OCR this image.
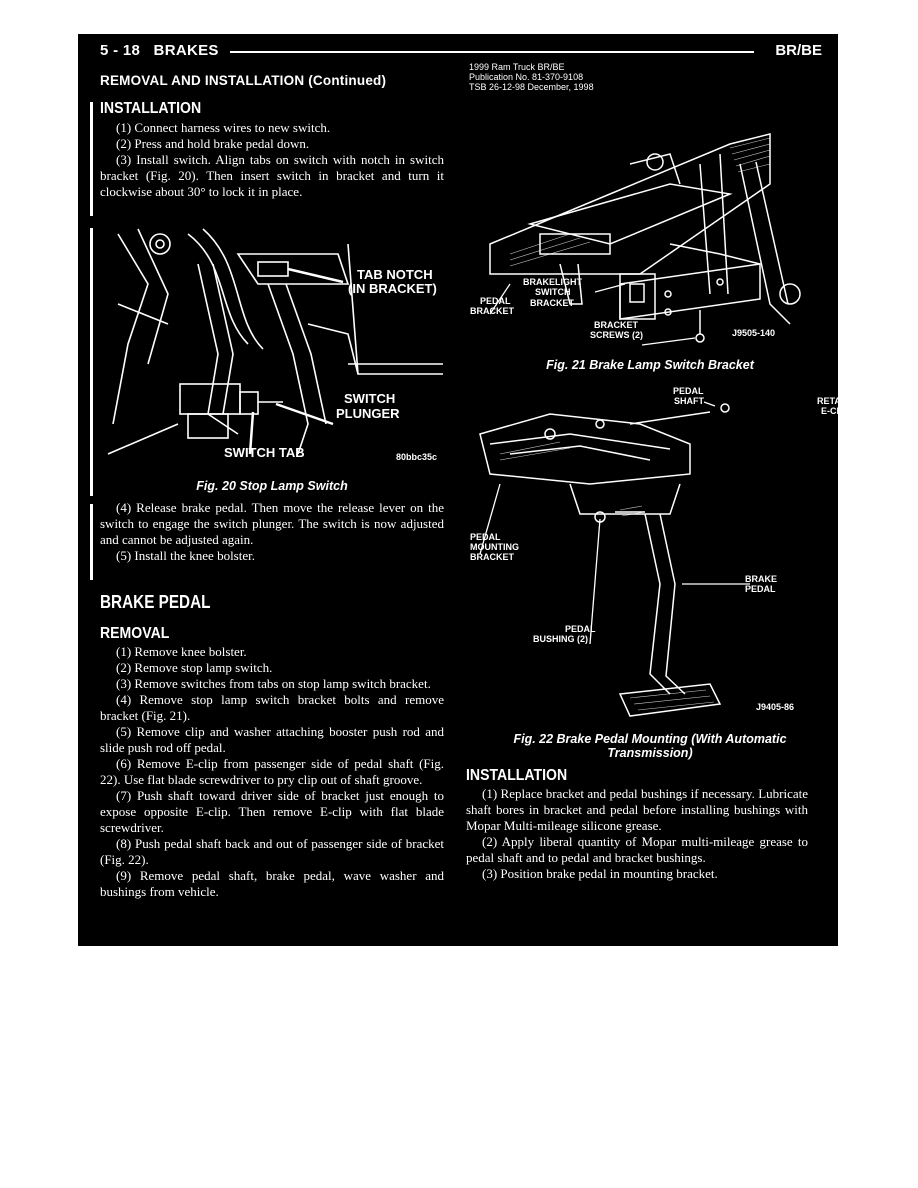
5 - 18   BRAKES	BR/BE
1999 Ram Truck BR/BE
Publication No. 81-370-9108
TSB 26-12-98 December, 1998
REMOVAL AND INSTALLATION (Continued)
INSTALLATION

(1) Connect harness wires to new switch.

(2) Press and hold brake pedal down.

(3) Install switch. Align tabs on switch with notch in switch bracket (Fig. 20). Then insert switch in bracket and turn it clockwise about 30° to lock it in place.

TAB NOTCH
(IN BRACKET)
SWITCH
PLUNGER
SWITCH TAB	80bbc35c
Fig. 20 Stop Lamp Switch

(4) Release brake pedal. Then move the release lever on the switch to engage the switch plunger. The switch is now adjusted and cannot be adjusted again.

(5) Install the knee bolster.

BRAKE PEDAL
REMOVAL

(1) Remove knee bolster.

(2) Remove stop lamp switch.

(3) Remove switches from tabs on stop lamp switch bracket.

(4) Remove stop lamp switch bracket bolts and remove bracket (Fig. 21).

(5) Remove clip and washer attaching booster push rod and slide push rod off pedal.

(6) Remove E-clip from passenger side of pedal shaft (Fig. 22). Use flat blade screwdriver to pry clip out of shaft groove.

(7) Push shaft toward driver side of bracket just enough to expose opposite E-clip. Then remove E-clip with flat blade screwdriver.

(8) Push pedal shaft back and out of passenger side of bracket (Fig. 22).

(9) Remove pedal shaft, brake pedal, wave washer and bushings from vehicle.

BRAKELIGHT
SWITCH
BRACKET
PEDAL
BRACKET
BRACKET
SCREWS (2)	J9505-140
Fig. 21 Brake Lamp Switch Bracket
PEDAL
SHAFT
SHAFT
RETAINING
E-CLIPS (2)
PEDAL
MOUNTING
BRACKET
BRAKE
PEDAL
PEDAL
BUSHING (2)
J9405-86
Fig. 22 Brake Pedal Mounting (With Automatic
Transmission)
INSTALLATION

(1) Replace bracket and pedal bushings if necessary. Lubricate shaft bores in bracket and pedal before installing bushings with Mopar Multi-mileage silicone grease.

(2) Apply liberal quantity of Mopar multi-mileage grease to pedal shaft and to pedal and bracket bushings.

(3) Position brake pedal in mounting bracket.
